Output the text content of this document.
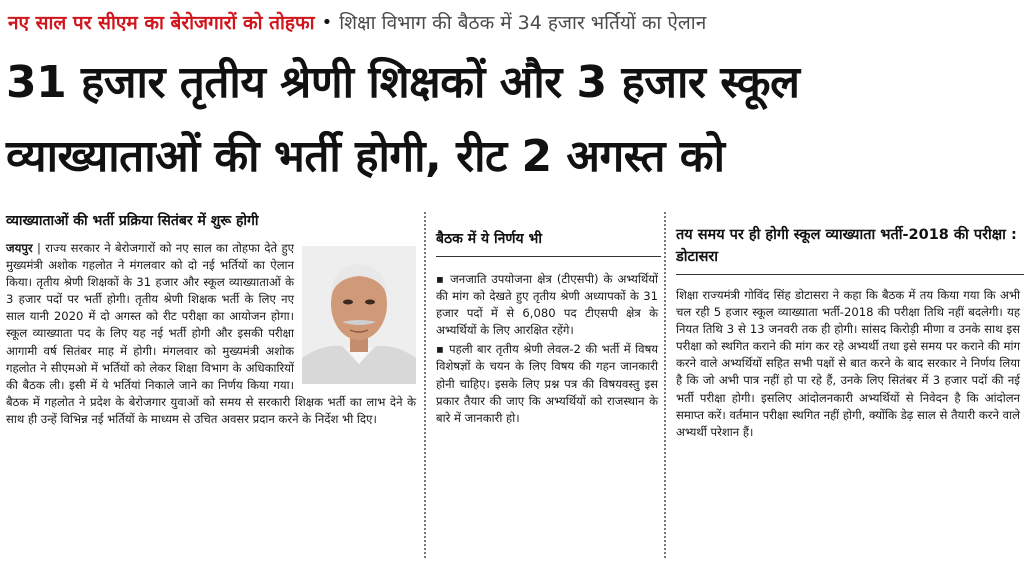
नए साल पर सीएम का बेरोजगारों को तोहफा • शिक्षा विभाग की बैठक में 34 हजार भर्तियों का ऐलान
31 हजार तृतीय श्रेणी शिक्षकों और 3 हजार स्कूल
व्याख्याताओं की भर्ती होगी, रीट 2 अगस्त को
व्याख्याताओं की भर्ती प्रक्रिया सितंबर में शुरू होगी
जयपुर | राज्य सरकार ने बेरोजगारों को नए साल का तोहफा देते हुए मुख्यमंत्री अशोक गहलोत ने मंगलवार को दो नई भर्तियों का ऐलान किया। तृतीय श्रेणी शिक्षकों के 31 हजार और स्कूल व्याख्याताओं के 3 हजार पदों पर भर्ती होगी। तृतीय श्रेणी शिक्षक भर्ती के लिए नए साल यानी 2020 में दो अगस्त को रीट परीक्षा का आयोजन होगा। स्कूल व्याख्याता पद के लिए यह नई भर्ती होगी और इसकी परीक्षा आगामी वर्ष सितंबर माह में होगी। मंगलवार को मुख्यमंत्री अशोक गहलोत ने सीएमओ में भर्तियों को लेकर शिक्षा विभाग के अधिकारियों की बैठक ली। इसी में ये भर्तियां निकाले जाने का निर्णय किया गया। बैठक में गहलोत ने प्रदेश के बेरोजगार युवाओं को समय से सरकारी शिक्षक भर्ती का लाभ देने के साथ ही उन्हें विभिन्न नई भर्तियों के माध्यम से उचित अवसर प्रदान करने के निर्देश भी दिए।
बैठक में ये निर्णय भी
▪ जनजाति उपयोजना क्षेत्र (टीएसपी) के अभ्यर्थियों की मांग को देखते हुए तृतीय श्रेणी अध्यापकों के 31 हजार पदों में से 6,080 पद टीएसपी क्षेत्र के अभ्यर्थियों के लिए आरक्षित रहेंगे।
▪ पहली बार तृतीय श्रेणी लेवल-2 की भर्ती में विषय विशेषज्ञों के चयन के लिए विषय की गहन जानकारी होनी चाहिए। इसके लिए प्रश्न पत्र की विषयवस्तु इस प्रकार तैयार की जाए कि अभ्यर्थियों को राजस्थान के बारे में जानकारी हो।
तय समय पर ही होगी स्कूल व्याख्याता भर्ती-2018 की परीक्षा : डोटासरा
शिक्षा राज्यमंत्री गोविंद सिंह डोटासरा ने कहा कि बैठक में तय किया गया कि अभी चल रही 5 हजार स्कूल व्याख्याता भर्ती-2018 की परीक्षा तिथि नहीं बदलेगी। यह नियत तिथि 3 से 13 जनवरी तक ही होगी। सांसद किरोड़ी मीणा व उनके साथ इस परीक्षा को स्थगित कराने की मांग कर रहे अभ्यर्थी तथा इसे समय पर कराने की मांग करने वाले अभ्यर्थियों सहित सभी पक्षों से बात करने के बाद सरकार ने निर्णय लिया है कि जो अभी पात्र नहीं हो पा रहे हैं, उनके लिए सितंबर में 3 हजार पदों की नई भर्ती परीक्षा होगी। इसलिए आंदोलनकारी अभ्यर्थियों से निवेदन है कि आंदोलन समाप्त करें। वर्तमान परीक्षा स्थगित नहीं होगी, क्योंकि डेढ़ साल से तैयारी करने वाले अभ्यर्थी परेशान हैं।
